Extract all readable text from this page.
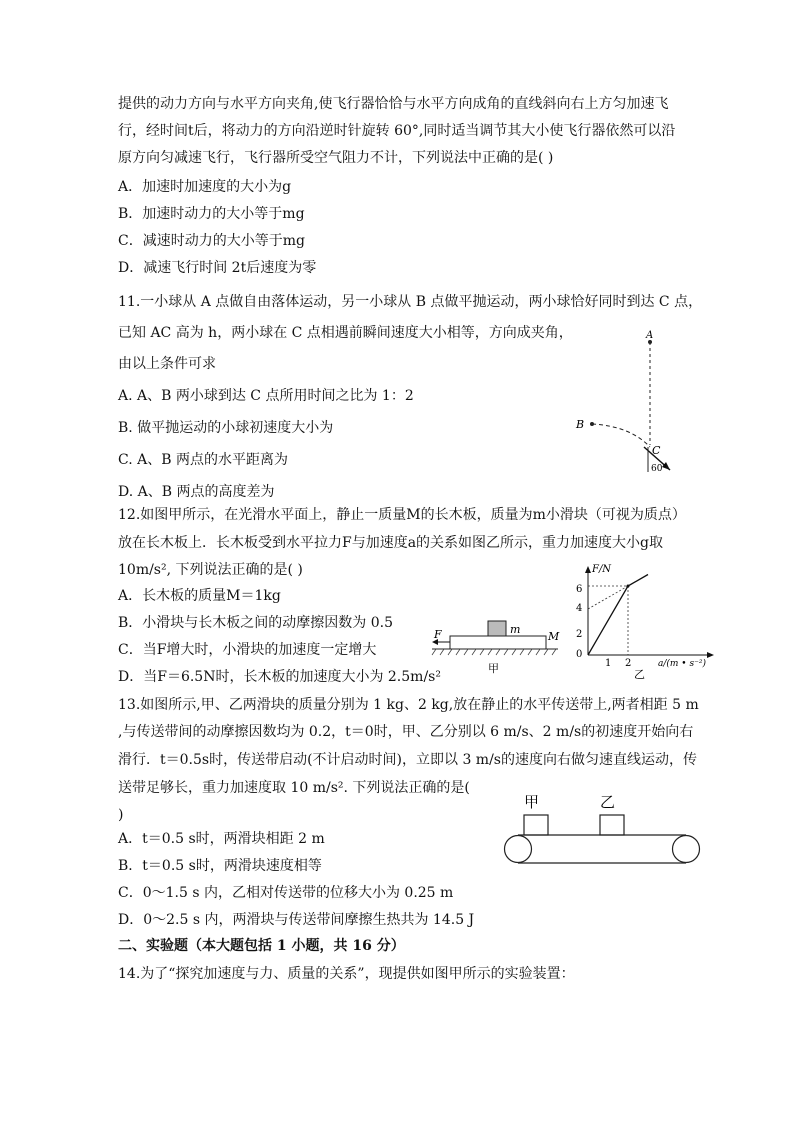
提供的动力方向与水平方向夹角,使飞行器恰恰与水平方向成角的直线斜向右上方匀加速飞
行，经时间t后，将动力的方向沿逆时针旋转 60°,同时适当调节其大小使飞行器依然可以沿
原方向匀减速飞行，飞行器所受空气阻力不计，下列说法中正确的是( )
A．加速时加速度的大小为g
B．加速时动力的大小等于mg
C．减速时动力的大小等于mg
D．减速飞行时间 2t后速度为零
11.一小球从 A 点做自由落体运动，另一小球从 B 点做平抛运动，两小球恰好同时到达 C 点，
已知 AC 高为 h，两小球在 C 点相遇前瞬间速度大小相等，方向成夹角，
由以上条件可求
A. A、B 两小球到达 C 点所用时间之比为 1：2
B. 做平抛运动的小球初速度大小为
C. A、B 两点的水平距离为
D. A、B 两点的高度差为
A
B
C
60°
12.如图甲所示，在光滑水平面上，静止一质量M的长木板，质量为m小滑块（可视为质点）
放在长木板上．长木板受到水平拉力F与加速度a的关系如图乙所示，重力加速度大小g取
10m/s², 下列说法正确的是( )
A．长木板的质量M＝1kg
B．小滑块与长木板之间的动摩擦因数为 0.5
C．当F增大时，小滑块的加速度一定增大
D．当F＝6.5N时，长木板的加速度大小为 2.5m/s²
m
M
F
甲
F/N
a/(m • s⁻²)
6
4
2
0
1 2
乙
13.如图所示,甲、乙两滑块的质量分别为 1 kg、2 kg,放在静止的水平传送带上,两者相距 5 m
,与传送带间的动摩擦因数均为 0.2，t＝0时，甲、乙分别以 6 m/s、2 m/s的初速度开始向右
滑行．t＝0.5s时，传送带启动(不计启动时间)，立即以 3 m/s的速度向右做匀速直线运动，传
送带足够长，重力加速度取 10 m/s². 下列说法正确的是(
)
A．t＝0.5 s时，两滑块相距 2 m
B．t＝0.5 s时，两滑块速度相等
C．0～1.5 s 内，乙相对传送带的位移大小为 0.25 m
D．0～2.5 s 内，两滑块与传送带间摩擦生热共为 14.5 J
甲	乙
二、实验题（本大题包括 1 小题，共 16 分）
14.为了“探究加速度与力、质量的关系”，现提供如图甲所示的实验装置：
